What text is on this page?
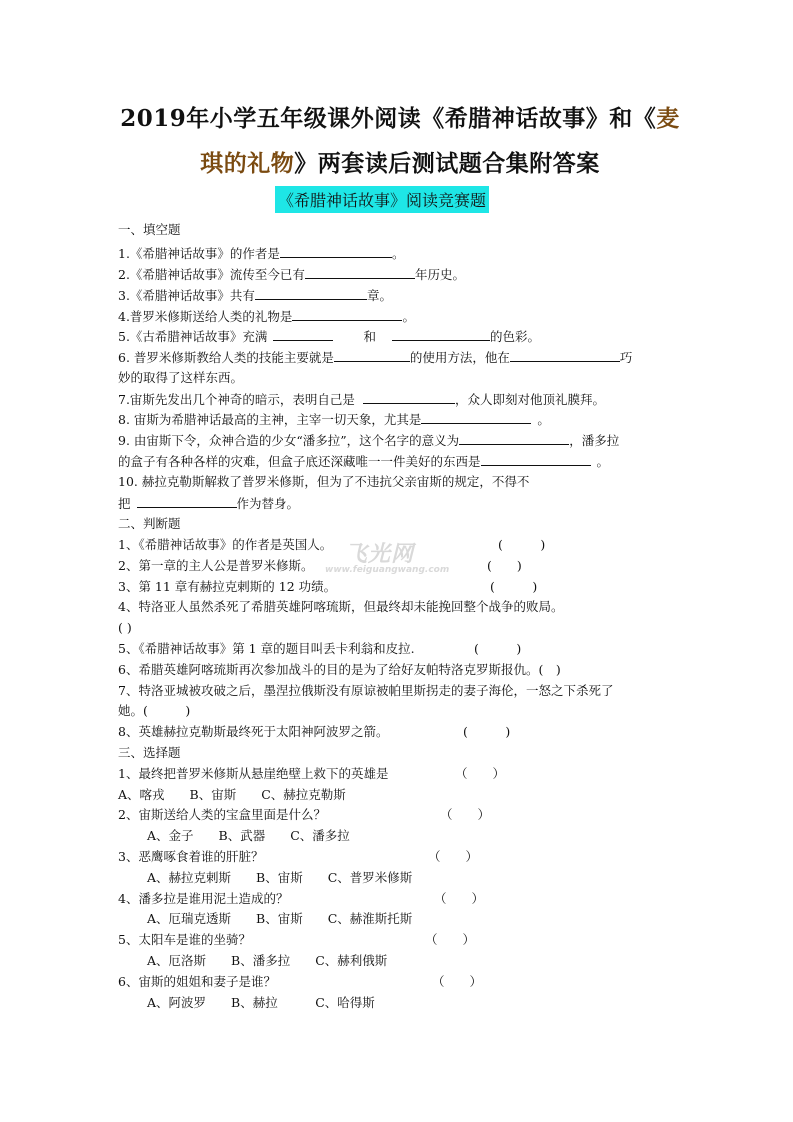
2019年小学五年级课外阅读《希腊神话故事》和《麦
琪的礼物》两套读后测试题合集附答案
《希腊神话故事》阅读竞赛题
一、填空题
1.《希腊神话故事》的作者是	。
2.《希腊神话故事》流传至今已有	年历史。
3.《希腊神话故事》共有	章。
4.普罗米修斯送给人类的礼物是	。
5.《古希腊神话故事》充满	和	的色彩。
6. 普罗米修斯教给人类的技能主要就是	的使用方法，他在	巧
妙的取得了这样东西。
7.宙斯先发出几个神奇的暗示，表明自己是	，众人即刻对他顶礼膜拜。
8. 宙斯为希腊神话最高的主神，主宰一切天象，尤其是	。
9. 由宙斯下令，众神合造的少女“潘多拉”，这个名字的意义为	，潘多拉
的盒子有各种各样的灾难，但盒子底还深藏唯一一件美好的东西是	。
10. 赫拉克勒斯解救了普罗米修斯，但为了不违抗父亲宙斯的规定，不得不
把	作为替身。
二、判断题
1、《希腊神话故事》的作者是英国人。	(　　　)
2、第一章的主人公是普罗米修斯。	(　　)
3、第 11 章有赫拉克剌斯的 12 功绩。	(　　　)
4、特洛亚人虽然杀死了希腊英雄阿喀琉斯，但最终却未能挽回整个战争的败局。
( )
5、《希腊神话故事》第 1 章的题目叫丢卡利翁和皮拉.	(　　　)
6、希腊英雄阿喀琉斯再次参加战斗的目的是为了给好友帕特洛克罗斯报仇。(　)
7、特洛亚城被攻破之后，墨涅拉俄斯没有原谅被帕里斯拐走的妻子海伦，一怒之下杀死了
她。(　　　)
8、英雄赫拉克勒斯最终死于太阳神阿波罗之箭。	(　　　)
飞光网
www.feiguangwang.com
三、选择题
1、最终把普罗米修斯从悬崖绝壁上救下的英雄是	（　　）
A、喀戎　　B、宙斯　　C、赫拉克勒斯
2、宙斯送给人类的宝盒里面是什么？	（　　）
A、金子　　B、武器　　C、潘多拉
3、恶鹰啄食着谁的肝脏？	（　　）
A、赫拉克剌斯　　B、宙斯　　C、普罗米修斯
4、潘多拉是谁用泥土造成的？	（　　）
A、厄瑞克透斯　　B、宙斯　　C、赫淮斯托斯
5、太阳车是谁的坐骑？	（　　）
A、厄洛斯　　B、潘多拉　　C、赫利俄斯
6、宙斯的姐姐和妻子是谁？	（　　）
A、阿波罗　　B、赫拉　　　C、哈得斯
